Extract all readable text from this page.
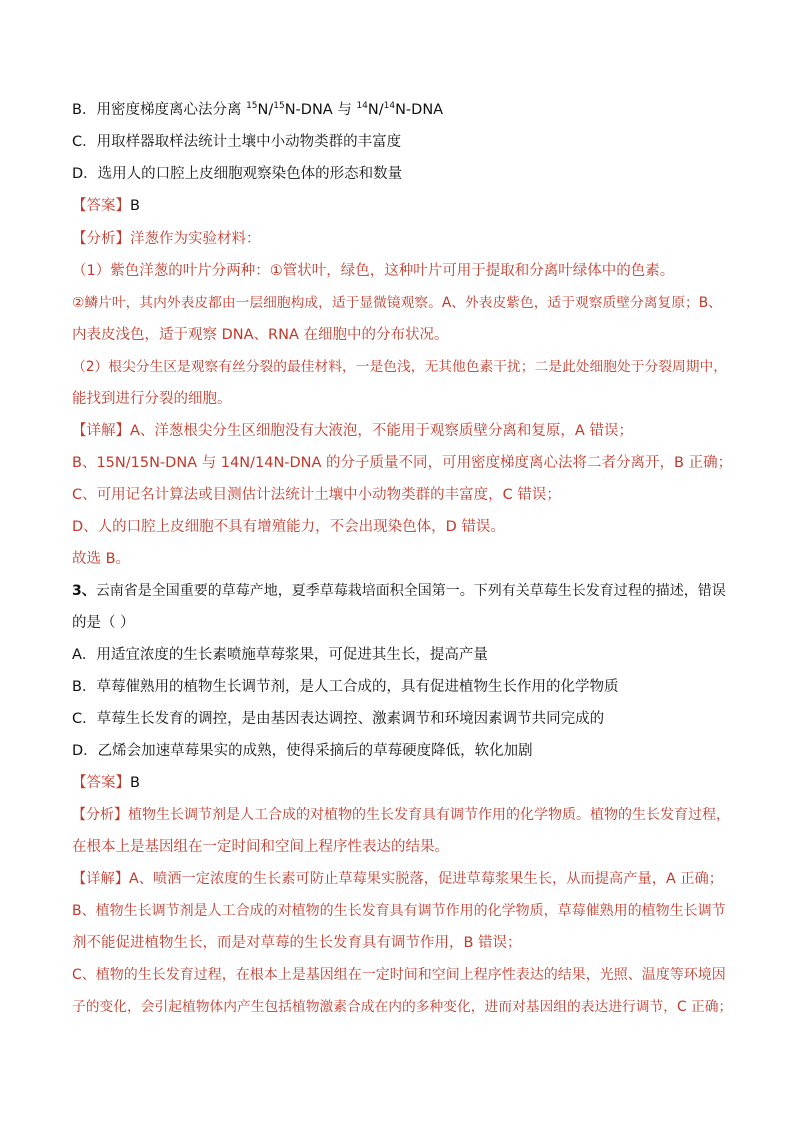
B．用密度梯度离心法分离 $^{15}$N/$^{15}$N-DNA 与 $^{14}$N/$^{14}$N-DNA
C．用取样器取样法统计土壤中小动物类群的丰富度
D．选用人的口腔上皮细胞观察染色体的形态和数量
【答案】B
【分析】洋葱作为实验材料：
（1）紫色洋葱的叶片分两种：①管状叶，绿色，这种叶片可用于提取和分离叶绿体中的色素。
②鳞片叶，其内外表皮都由一层细胞构成，适于显微镜观察。A、外表皮紫色，适于观察质壁分离复原；B、
内表皮浅色，适于观察 DNA、RNA 在细胞中的分布状况。
（2）根尖分生区是观察有丝分裂的最佳材料，一是色浅，无其他色素干扰；二是此处细胞处于分裂周期中，
能找到进行分裂的细胞。
【详解】A、洋葱根尖分生区细胞没有大液泡，不能用于观察质壁分离和复原，A 错误；
B、15N/15N-DNA 与 14N/14N-DNA 的分子质量不同，可用密度梯度离心法将二者分离开，B 正确；
C、可用记名计算法或目测估计法统计土壤中小动物类群的丰富度，C 错误；
D、人的口腔上皮细胞不具有增殖能力，不会出现染色体，D 错误。
故选 B。
3、云南省是全国重要的草莓产地，夏季草莓栽培面积全国第一。下列有关草莓生长发育过程的描述，错误
的是（ ）
A．用适宜浓度的生长素喷施草莓浆果，可促进其生长，提高产量
B．草莓催熟用的植物生长调节剂，是人工合成的，具有促进植物生长作用的化学物质
C．草莓生长发育的调控，是由基因表达调控、激素调节和环境因素调节共同完成的
D．乙烯会加速草莓果实的成熟，使得采摘后的草莓硬度降低，软化加剧
【答案】B
【分析】植物生长调节剂是人工合成的对植物的生长发育具有调节作用的化学物质。植物的生长发育过程，
在根本上是基因组在一定时间和空间上程序性表达的结果。
【详解】A、喷洒一定浓度的生长素可防止草莓果实脱落，促进草莓浆果生长，从而提高产量，A 正确；
B、植物生长调节剂是人工合成的对植物的生长发育具有调节作用的化学物质，草莓催熟用的植物生长调节
剂不能促进植物生长，而是对草莓的生长发育具有调节作用，B 错误；
C、植物的生长发育过程，在根本上是基因组在一定时间和空间上程序性表达的结果，光照、温度等环境因
子的变化，会引起植物体内产生包括植物激素合成在内的多种变化，进而对基因组的表达进行调节，C 正确；
